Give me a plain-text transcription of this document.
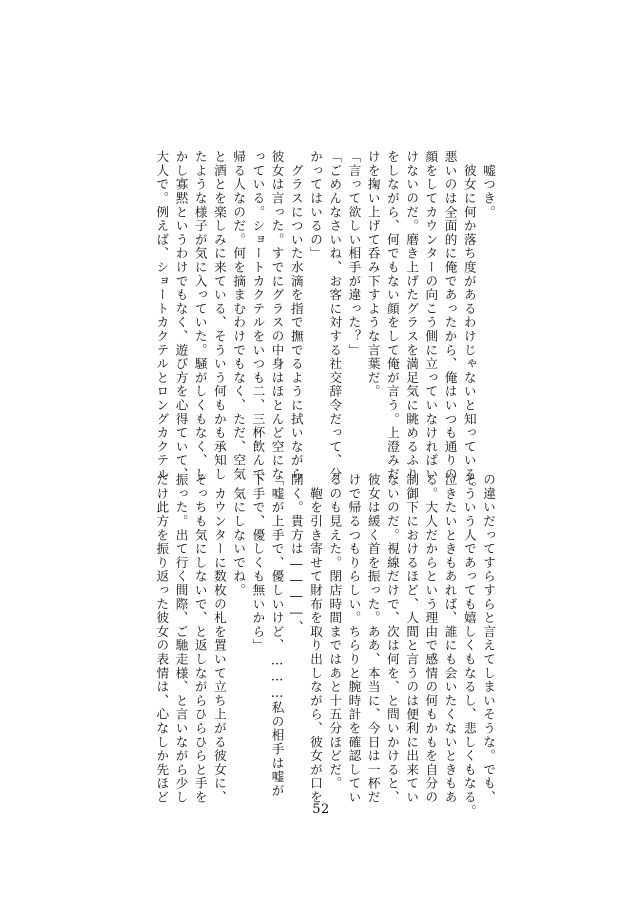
　嘘つき。
　彼女に何か落ち度があるわけじゃないと知っている。
悪いのは全面的に俺であったから、俺はいつも通りの
顔をしてカウンターの向こう側に立っていなければい
けないのだ。磨き上げたグラスを満足気に眺めるふり
をしながら、何でもない顔をして俺が言う。上澄みだ
けを掬い上げて呑み下すような言葉だ。
「言って欲しい相手が違った？」
「ごめんなさいね、お客に対する社交辞令だって、分
かってはいるの」
　グラスについた水滴を指で撫でるように拭いながら
彼女は言った。すでにグラスの中身はほとんど空にな
っている。ショートカクテルをいつも二、三杯飲んで
帰る人なのだ。何を摘まむわけでもなく、ただ、空気
と酒とを楽しみに来ている、そういう何もかも承知し
たような様子が気に入っていた。騒がしくもなく、し
かし寡黙というわけでもなく、遊び方を心得ていて、
大人で。例えば、ショートカクテルとロングカクテル
の違いだってすらすらと言えてしまいそうな。でも、
そういう人であっても嬉しくもなるし、悲しくもなる。
泣きたいときもあれば、誰にも会いたくないときもあ
る。大人だからという理由で感情の何もかもを自分の
制御下におけるほど、人間と言うのは便利に出来てい
ないのだ。視線だけで、次は何を、と問いかけると、
彼女は緩く首を振った。ああ、本当に、今日は一杯だ
けで帰るつもりらしい。ちらりと腕時計を確認してい
るのも見えた。閉店時間まではあと十五分ほどだ。
　鞄を引き寄せて財布を取り出しながら、彼女が口を
開く。貴方は――――、
「嘘が上手で、優しいけど、………私の相手は嘘が
下手で、優しくも無いから」
　気にしないでね。
　カウンターに数枚の札を置いて立ち上がる彼女に、
そっちも気にしないで、と返しながらひらひらと手を
振った。出て行く間際、ご馳走様、と言いながら少し
だけ此方を振り返った彼女の表情は、心なしか先ほど
52
